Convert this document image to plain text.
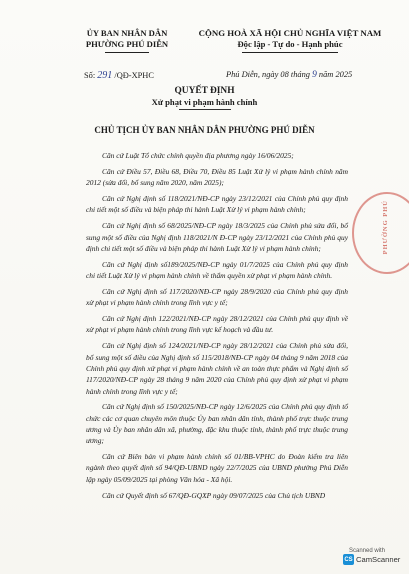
ỦY BAN NHÂN DÂN
PHƯỜNG PHÚ DIỄN
CỘNG HOÀ XÃ HỘI CHỦ NGHĨA VIỆT NAM
Độc lập - Tự do - Hạnh phúc
Số: 291 /QĐ-XPHC	Phú Diễn, ngày 08 tháng 9 năm 2025
QUYẾT ĐỊNH
Xử phạt vi phạm hành chính
CHỦ TỊCH ỦY BAN NHÂN DÂN PHƯỜNG PHÚ DIỄN

Căn cứ Luật Tổ chức chính quyền địa phương ngày 16/06/2025;

Căn cứ Điều 57, Điều 68, Điều 70, Điều 85 Luật Xử lý vi phạm hành chính năm 2012 (sửa đổi, bổ sung năm 2020, năm 2025);

Căn cứ Nghị định số 118/2021/NĐ-CP ngày 23/12/2021 của Chính phủ quy định chi tiết một số điều và biện pháp thi hành Luật Xử lý vi phạm hành chính;

Căn cứ Nghị định số 68/2025/NĐ-CP ngày 18/3/2025 của Chính phủ sửa đổi, bổ sung một số điều của Nghị định 118/2021/N Đ-CP ngày 23/12/2021 của Chính phủ quy định chi tiết một số điều và biện pháp thi hành Luật Xử lý vi phạm hành chính;

Căn cứ Nghị định số189/2025/NĐ-CP ngày 01/7/2025 của Chính phủ quy định chi tiết Luật Xử lý vi phạm hành chính về thẩm quyền xử phạt vi phạm hành chính.

Căn cứ Nghị định số 117/2020/NĐ-CP ngày 28/9/2020 của Chính phủ quy định xử phạt vi phạm hành chính trong lĩnh vực y tế;

Căn cứ Nghị định 122/2021/NĐ-CP ngày 28/12/2021 của Chính phủ quy định về xử phạt vi phạm hành chính trong lĩnh vực kế hoạch và đầu tư.

Căn cứ Nghị định số 124/2021/NĐ-CP ngày 28/12/2021 của Chính phủ sửa đổi, bổ sung một số điều của Nghị định số 115/2018/NĐ-CP ngày 04 tháng 9 năm 2018 của Chính phủ quy định xử phạt vi phạm hành chính về an toàn thực phẩm và Nghị định số 117/2020/NĐ-CP ngày 28 tháng 9 năm 2020 của Chính phủ quy định xử phạt vi phạm hành chính trong lĩnh vực y tế;

Căn cứ Nghị định số 150/2025/NĐ-CP ngày 12/6/2025 của Chính phủ quy định tổ chức các cơ quan chuyên môn thuộc Ủy ban nhân dân tỉnh, thành phố trực thuộc trung ương và Ủy ban nhân dân xã, phường, đặc khu thuộc tỉnh, thành phố trực thuộc trung ương;

Căn cứ Biên bản vi phạm hành chính số 01/BB-VPHC do Đoàn kiểm tra liên ngành theo quyết định số 94/QĐ-UBND ngày 22/7/2025 của UBND phường Phú Diễn lập ngày 05/09/2025 tại phòng Văn hóa - Xã hội.

Căn cứ Quyết định số 67/QĐ-GQXP ngày 09/07/2025 của Chủ tịch UBND

PHƯỜNG PHÚ
Scanned with
CS CamScanner
